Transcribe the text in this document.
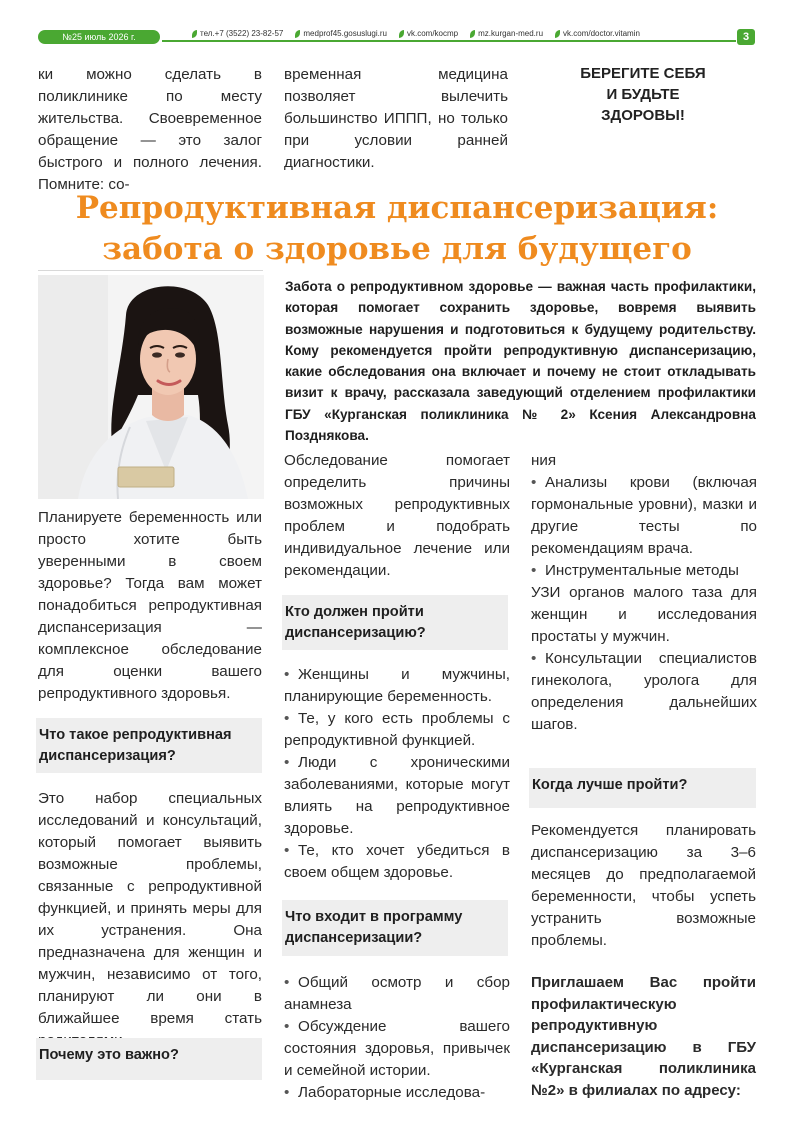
№25 июль 2026 г.	тел.+7 (3522) 23-82-57	medprof45.gosuslugi.ru	vk.com/kocmp	mz.kurgan-med.ru	vk.com/doctor.vitamin	3
ки можно сделать в поликлинике по месту жительства. Своевременное обращение — это залог быстрого и полного лечения. Помните: со-
временная медицина позволяет вылечить большинство ИППП, но только при условии ранней диагностики.
БЕРЕГИТЕ СЕБЯ
И БУДЬТЕ
ЗДОРОВЫ!
Репродуктивная диспансеризация:
забота о здоровье для будущего
Забота о репродуктивном здоровье — важная часть профилактики, которая помогает сохранить здоровье, вовремя выявить возможные нарушения и подготовиться к будущему родительству. Кому рекомендуется пройти репродуктивную диспансеризацию, какие обследования она включает и почему не стоит откладывать визит к врачу, рассказала заведующий отделением профилактики ГБУ «Курганская поликлиника № 2» Ксения Александровна Позднякова.
Планируете беременность или просто хотите быть уверенными в своем здоровье? Тогда вам может понадобиться репродуктивная диспансеризация — комплексное обследование для оценки вашего репродуктивного здоровья.
Что такое репродуктивная диспансеризация?
Это набор специальных исследований и консультаций, который помогает выявить возможные проблемы, связанные с репродуктивной функцией, и принять меры для их устранения. Она предназначена для женщин и мужчин, независимо от того, планируют ли они в ближайшее время стать
Почему это важно?
Обследование помогает определить причины возможных репродуктивных проблем и подобрать индивидуальное лечение или рекомендации.
Кто должен пройти диспансеризацию?

• Женщины и мужчины, планирующие беременность.

• Те, у кого есть проблемы с репродуктивной функцией.

• Люди с хроническими заболеваниями, которые могут влиять на репродуктивное здоровье.

• Те, кто хочет убедиться в своем общем здоровье.

Что входит в программу диспансеризации?

• Общий осмотр и сбор анамнеза

• Обсуждение вашего состояния здоровья, привычек и семейной истории.

• Лабораторные исследова-

ния

• Анализы крови (включая гормональные уровни), мазки и другие тесты по рекомендациям врача.

• Инструментальные методы

УЗИ органов малого таза для женщин и исследования простаты у мужчин.

• Консультации специалистов гинеколога, уролога для определения дальнейших шагов.

Когда лучше пройти?
Рекомендуется планировать диспансеризацию за 3–6 месяцев до предполагаемой беременности, чтобы успеть устранить возможные проблемы.
Приглашаем Вас пройти профилактическую репродуктивную диспансеризацию в ГБУ «Курганская поликлиника №2» в филиалах по адресу:
